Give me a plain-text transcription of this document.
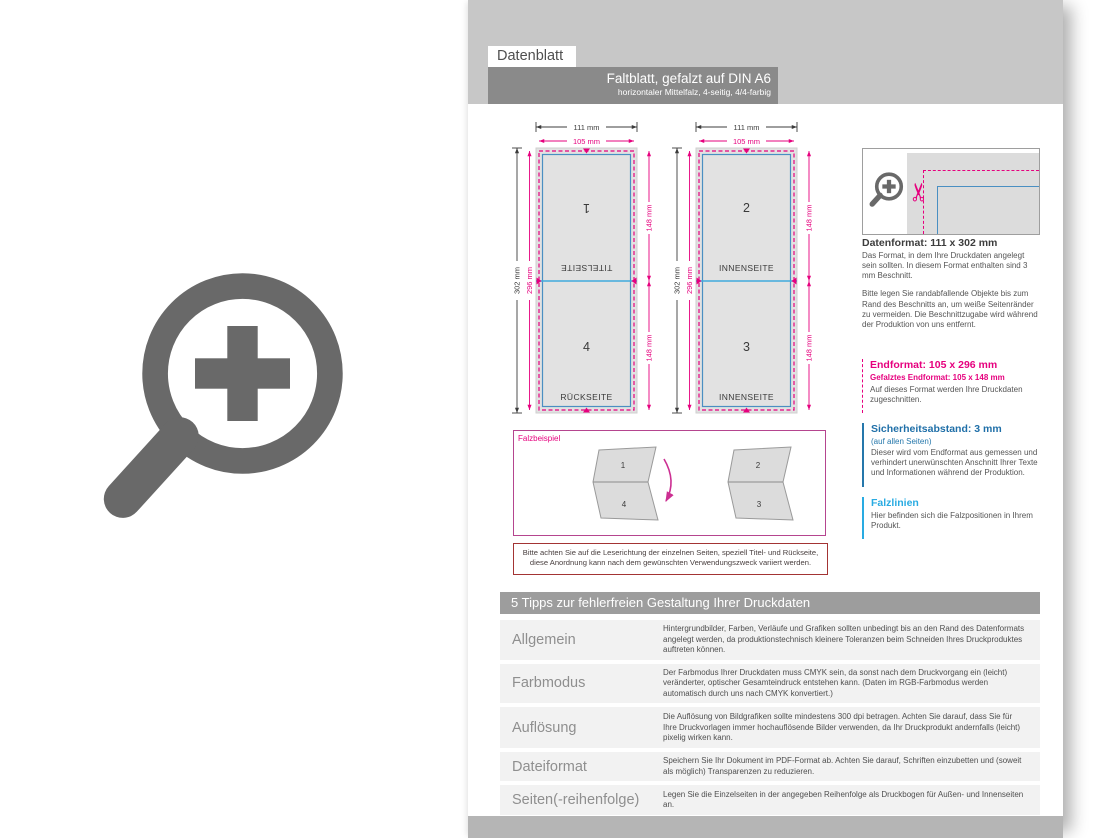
Datenblatt
Faltblatt, gefalzt auf DIN A6
horizontaler Mittelfalz, 4-seitig, 4/4-farbig
111 mm
105 mm
302 mm 296 mm
148 mm
148 mm
111 mm
105 mm
302 mm 296 mm
148 mm
148 mm
1
TITELSEITE
4
RÜCKSEITE
2
INNENSEITE
3
INNENSEITE
Falzbeispiel
1
4
2
3
Bitte achten Sie auf die Leserichtung der einzelnen Seiten, speziell Titel- und Rückseite, diese Anordnung kann nach dem gewünschten Verwendungszweck variiert werden.
✂
Datenformat: 111 x 302 mm

Das Format, in dem Ihre Druckdaten angelegt sein sollten. In diesem Format enthalten sind 3 mm Beschnitt.

Bitte legen Sie randabfallende Objekte bis zum Rand des Beschnitts an, um weiße Seitenränder zu vermeiden. Die Beschnittzugabe wird während der Produktion von uns entfernt.

Endformat: 105 x 296 mm
Gefalztes Endformat: 105 x 148 mm

Auf dieses Format werden Ihre Druckdaten zugeschnitten.

Sicherheitsabstand: 3 mm
(auf allen Seiten)

Dieser wird vom Endformat aus gemessen und verhindert unerwünschten Anschnitt Ihrer Texte und Informationen während der Produktion.

Falzlinien

Hier befinden sich die Falzpositionen in Ihrem Produkt.

5 Tipps zur fehlerfreien Gestaltung Ihrer Druckdaten
Allgemein
Hintergrundbilder, Farben, Verläufe und Grafiken sollten unbedingt bis an den Rand des Datenformats angelegt werden, da produktionstechnisch kleinere Toleranzen beim Schneiden Ihres Druckproduktes auftreten können.
Farbmodus
Der Farbmodus Ihrer Druckdaten muss CMYK sein, da sonst nach dem Druckvorgang ein (leicht) veränderter, optischer Gesamteindruck entstehen kann. (Daten im RGB-Farbmodus werden automatisch durch uns nach CMYK konvertiert.)
Auflösung
Die Auflösung von Bildgrafiken sollte mindestens 300 dpi betragen. Achten Sie darauf, dass Sie für Ihre Druckvorlagen immer hochauflösende Bilder verwenden, da Ihr Druckprodukt andernfalls (leicht) pixelig wirken kann.
Dateiformat	Speichern Sie Ihr Dokument im PDF-Format ab. Achten Sie darauf, Schriften einzubetten und (soweit als möglich) Transparenzen zu reduzieren.
Seiten(-reihenfolge)	Legen Sie die Einzelseiten in der angegeben Reihenfolge als Druckbogen für Außen- und Innenseiten an.
